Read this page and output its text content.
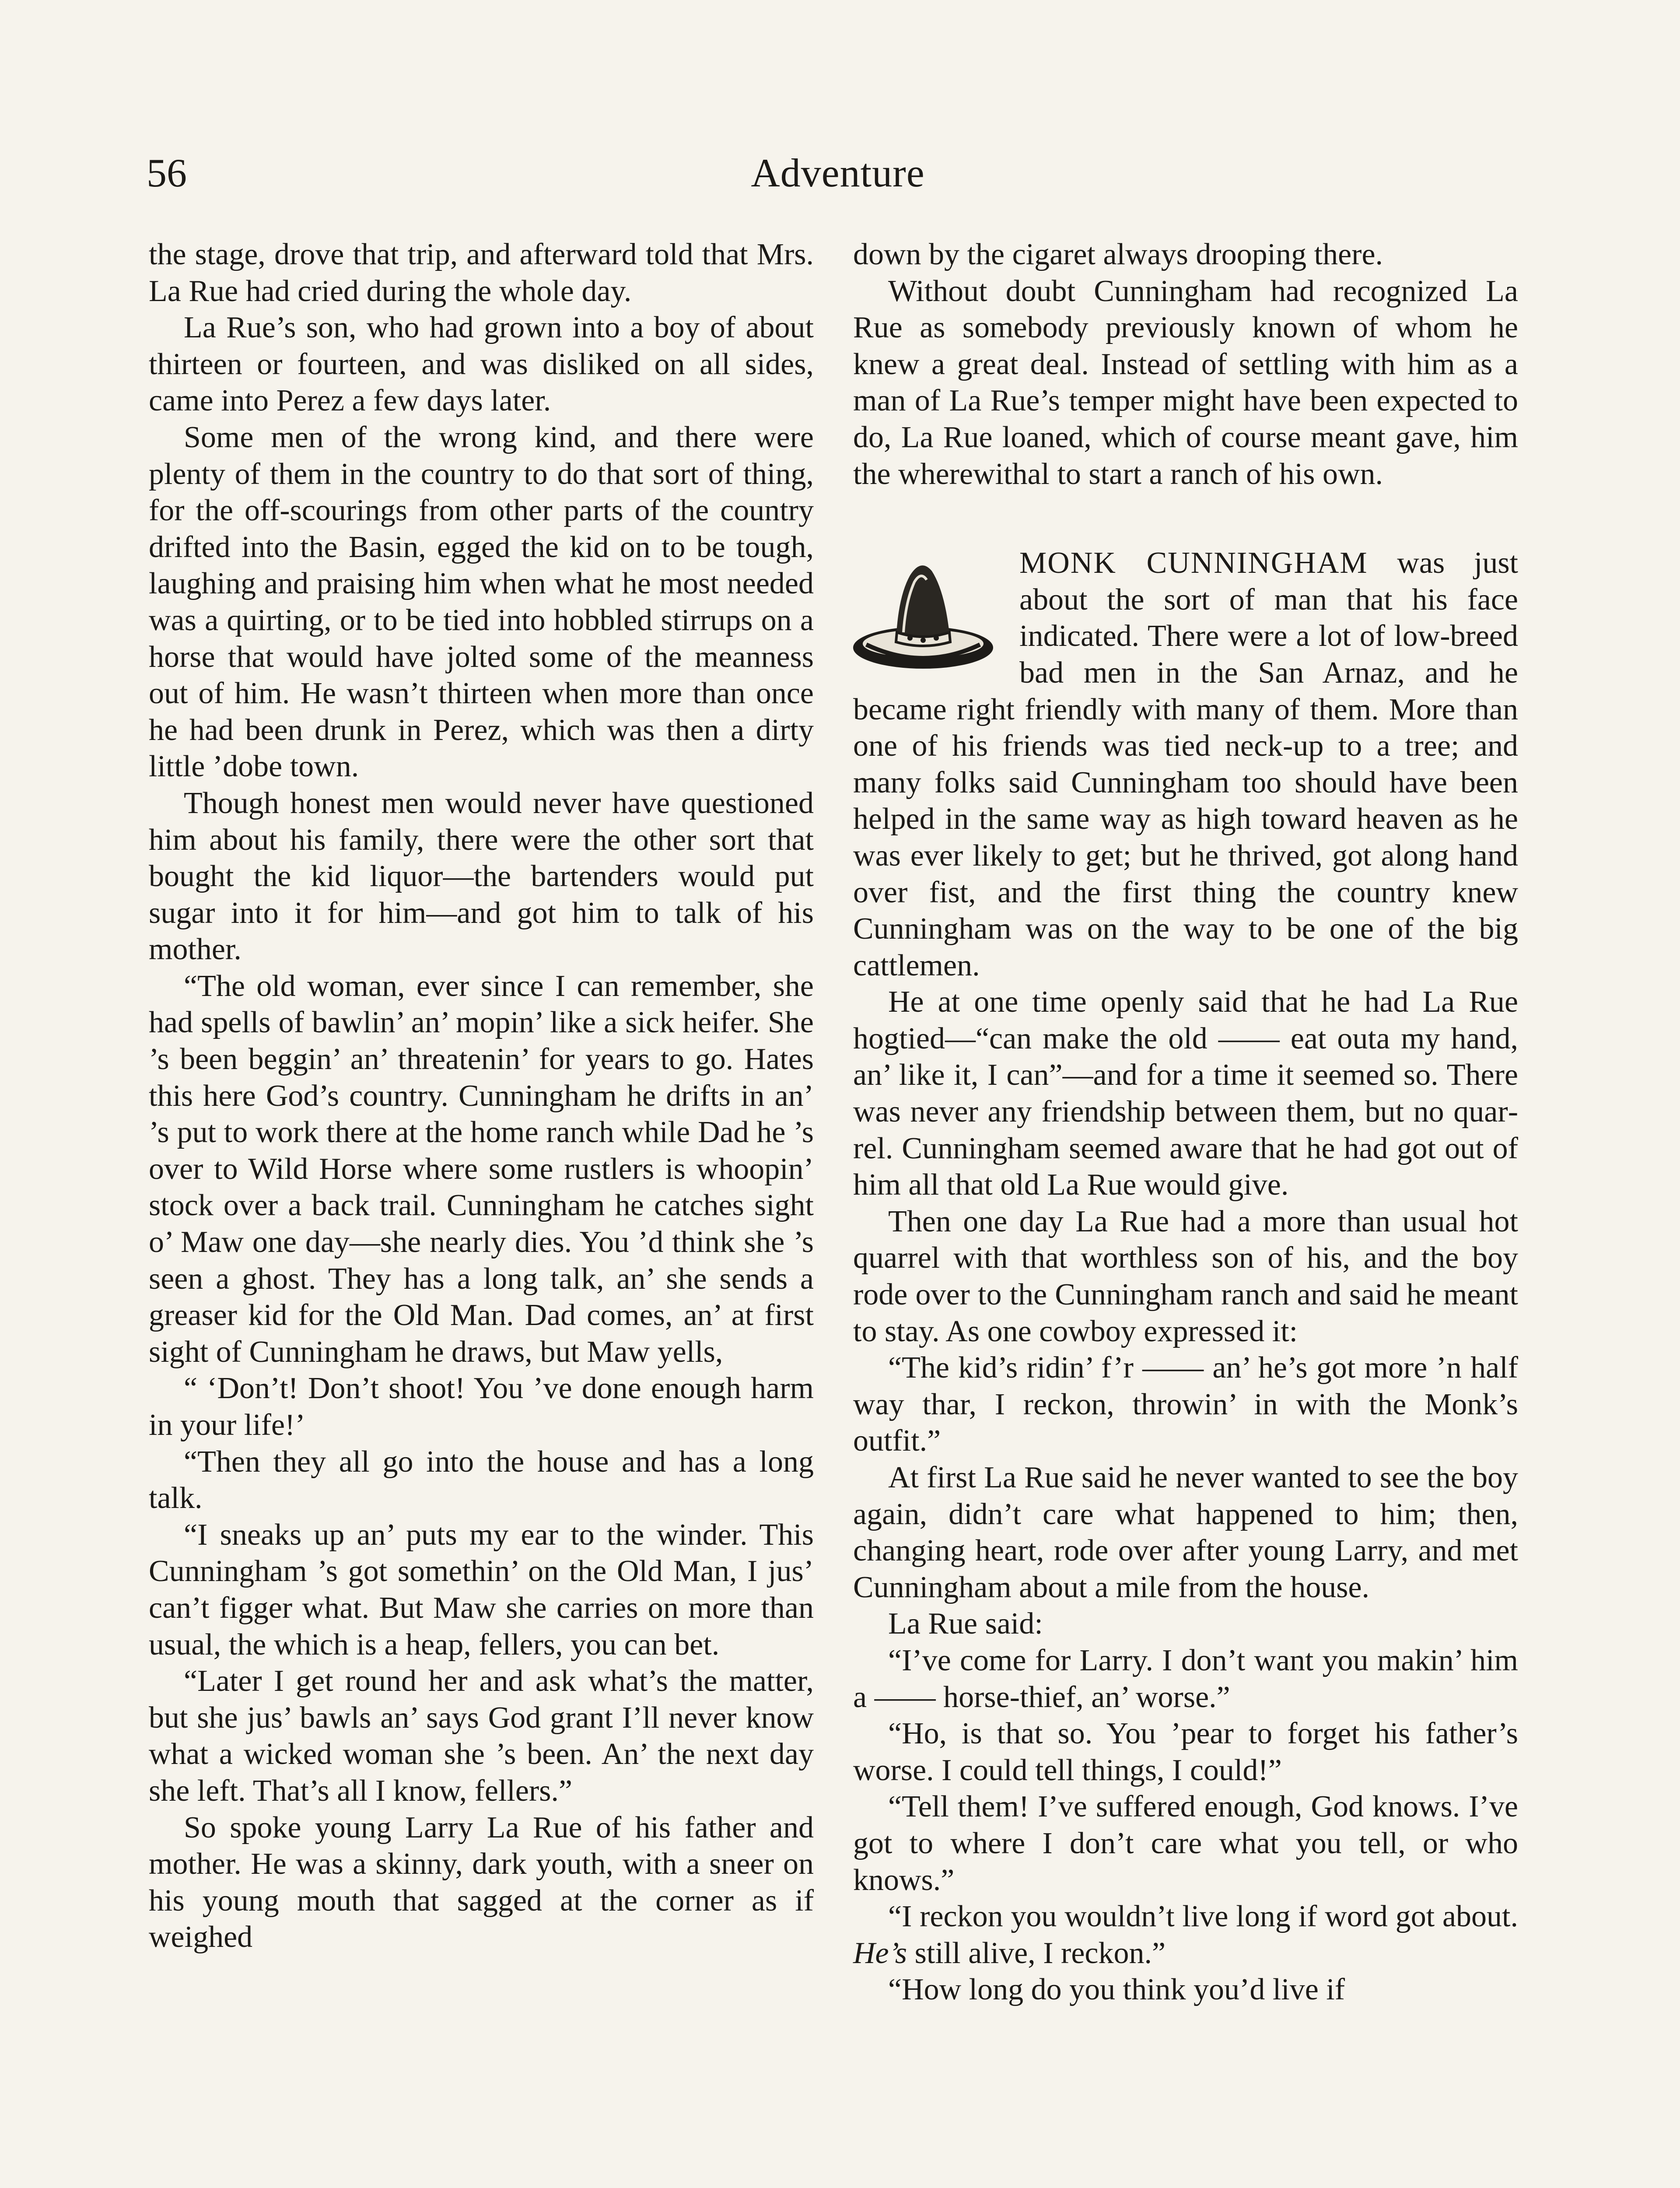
56	Adventure

the stage, drove that trip, and afterward told that Mrs. La Rue had cried during the whole day.

La Rue’s son, who had grown into a boy of about thirteen or fourteen, and was disliked on all sides, came into Perez a few days later.

Some men of the wrong kind, and there were plenty of them in the country to do that sort of thing, for the off-scourings from other parts of the country drifted into the Basin, egged the kid on to be tough, laughing and praising him when what he most needed was a quirting, or to be tied into hobbled stirrups on a horse that would have jolted some of the meanness out of him. He wasn’t thirteen when more than once he had been drunk in Perez, which was then a dirty little ’dobe town.

Though honest men would never have questioned him about his family, there were the other sort that bought the kid liquor—the bartenders would put sugar into it for him—and got him to talk of his mother.

“The old woman, ever since I can remember, she had spells of bawlin’ an’ mopin’ like a sick heifer. She ’s been beggin’ an’ threatenin’ for years to go. Hates this here God’s country. Cunningham he drifts in an’ ’s put to work there at the home ranch while Dad he ’s over to Wild Horse where some rustlers is whoopin’ stock over a back trail. Cunningham he catches sight o’ Maw one day—she nearly dies. You ’d think she ’s seen a ghost. They has a long talk, an’ she sends a greaser kid for the Old Man. Dad comes, an’ at first sight of Cunningham he draws, but Maw yells,

“ ‘Don’t! Don’t shoot! You ’ve done enough harm in your life!’

“Then they all go into the house and has a long talk.

“I sneaks up an’ puts my ear to the winder. This Cunningham ’s got somethin’ on the Old Man, I jus’ can’t figger what. But Maw she carries on more than usual, the which is a heap, fellers, you can bet.

“Later I get round her and ask what’s the matter, but she jus’ bawls an’ says God grant I’ll never know what a wicked woman she ’s been. An’ the next day she left. That’s all I know, fellers.”

So spoke young Larry La Rue of his father and mother. He was a skinny, dark youth, with a sneer on his young mouth that sagged at the corner as if weighed

down by the cigaret always drooping there.

Without doubt Cunningham had recognized La Rue as somebody previously known of whom he knew a great deal. Instead of settling with him as a man of La Rue’s temper might have been expected to do, La Rue loaned, which of course meant gave, him the wherewithal to start a ranch of his own.

MONK CUNNINGHAM was just about the sort of man that his face indicated. There were a lot of low-breed bad men in the San Arnaz, and he became right friendly with many of them. More than one of his friends was tied neck-up to a tree; and many folks said Cunningham too should have been helped in the same way as high toward heaven as he was ever likely to get; but he thrived, got along hand over fist, and the first thing the country knew Cunningham was on the way to be one of the big cattlemen.

He at one time openly said that he had La Rue hogtied—“can make the old —— eat outa my hand, an’ like it, I can”—and for a time it seemed so. There was never any friendship between them, but no quarrel. Cunningham seemed aware that he had got out of him all that old La Rue would give.

Then one day La Rue had a more than usual hot quarrel with that worthless son of his, and the boy rode over to the Cunningham ranch and said he meant to stay. As one cowboy expressed it:

“The kid’s ridin’ f’r —— an’ he’s got more ’n half way thar, I reckon, throwin’ in with the Monk’s outfit.”

At first La Rue said he never wanted to see the boy again, didn’t care what happened to him; then, changing heart, rode over after young Larry, and met Cunningham about a mile from the house.

La Rue said:

“I’ve come for Larry. I don’t want you makin’ him a —— horse-thief, an’ worse.”

“Ho, is that so. You ’pear to forget his father’s worse. I could tell things, I could!”

“Tell them! I’ve suffered enough, God knows. I’ve got to where I don’t care what you tell, or who knows.”

“I reckon you wouldn’t live long if word got about. He’s still alive, I reckon.”

“How long do you think you’d live if
